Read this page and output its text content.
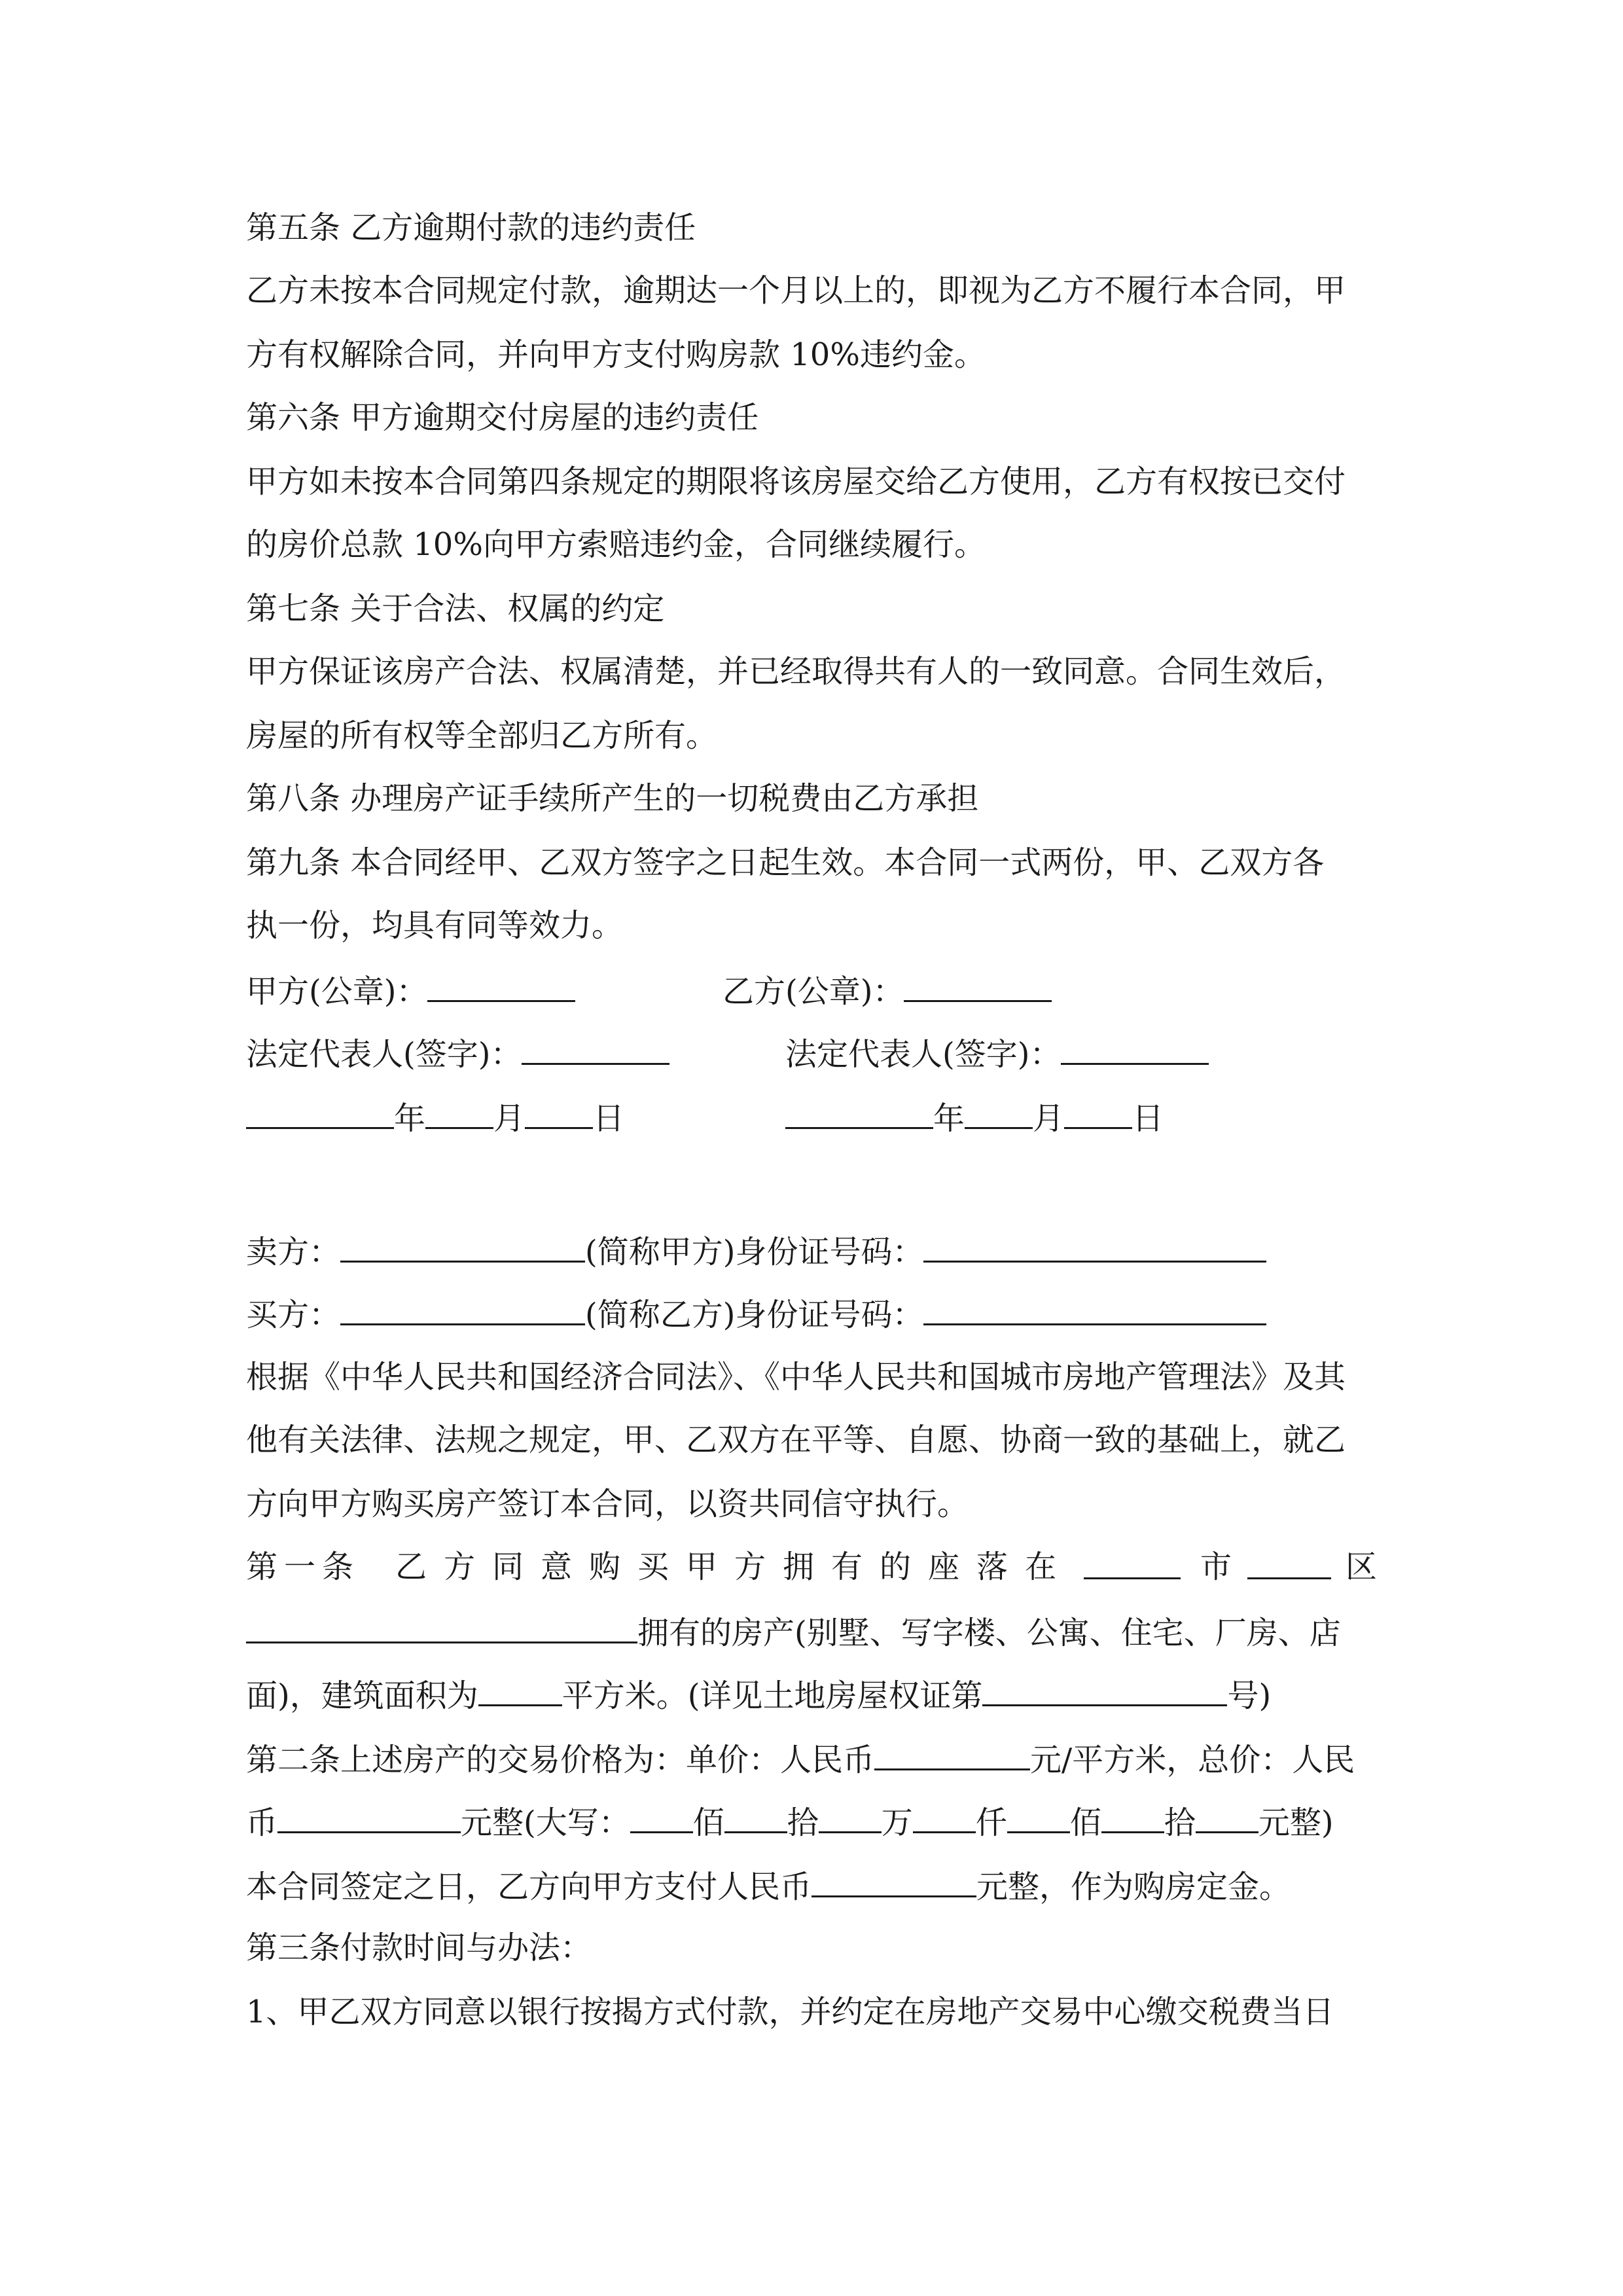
第五条 乙方逾期付款的违约责任
乙方未按本合同规定付款，逾期达一个月以上的，即视为乙方不履行本合同，甲
方有权解除合同，并向甲方支付购房款 10%违约金。
第六条 甲方逾期交付房屋的违约责任
甲方如未按本合同第四条规定的期限将该房屋交给乙方使用，乙方有权按已交付
的房价总款 10%向甲方索赔违约金，合同继续履行。
第七条 关于合法、权属的约定
甲方保证该房产合法、权属清楚，并已经取得共有人的一致同意。合同生效后，
房屋的所有权等全部归乙方所有。
第八条 办理房产证手续所产生的一切税费由乙方承担
第九条 本合同经甲、乙双方签字之日起生效。本合同一式两份，甲、乙双方各
执一份，均具有同等效力。
甲方(公章)：	乙方(公章)：
法定代表人(签字)：	法定代表人(签字)：
年 月 日	年 月 日
卖方：	(简称甲方)身份证号码：
买方：	(简称乙方)身份证号码：
根据《中华人民共和国经济合同法》、《中华人民共和国城市房地产管理法》及其
他有关法律、法规之规定，甲、乙双方在平等、自愿、协商一致的基础上，就乙
方向甲方购买房产签订本合同，以资共同信守执行。
第 一 条 乙 方 同 意 购 买 甲 方 拥 有 的 座 落 在	市	区
拥有的房产(别墅、写字楼、公寓、住宅、厂房、店
面)，建筑面积为	平方米。(详见土地房屋权证第	号)
第二条上述房产的交易价格为：单价：人民币	元/平方米，总价：人民
币	元整(大写： 佰 拾 万 仟 佰 拾 元整)
本合同签定之日，乙方向甲方支付人民币	元整，作为购房定金。
第三条付款时间与办法：
1、甲乙双方同意以银行按揭方式付款，并约定在房地产交易中心缴交税费当日
